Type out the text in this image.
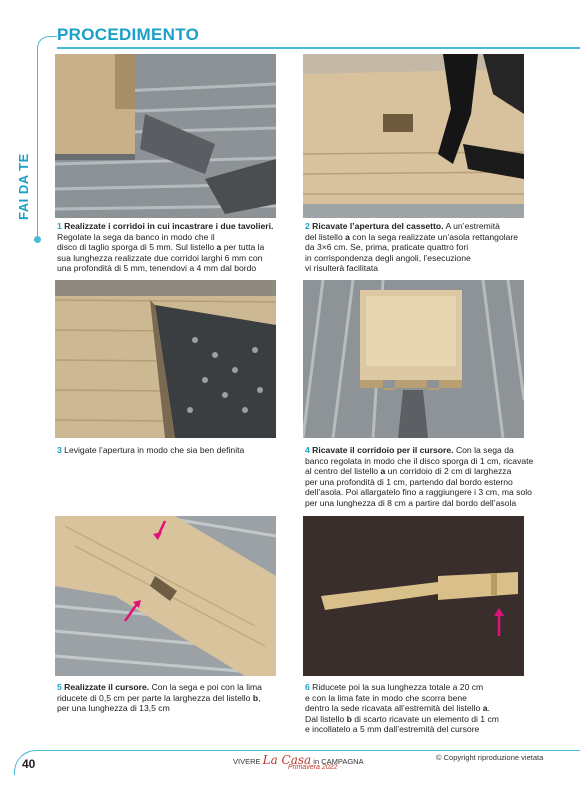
PROCEDIMENTO
FAI DA TE
1 Realizzate i corridoi in cui incastrare i due tavolieri. Regolate la sega da banco in modo che il
disco di taglio sporga di 5 mm. Sul listello a per tutta la
sua lunghezza realizzate due corridoi larghi 6 mm con
una profondità di 5 mm, tenendovi a 4 mm dal bordo
2 Ricavate l’apertura del cassetto. A un’estremità
del listello a con la sega realizzate un’asola rettangolare
da 3×6 cm. Se, prima, praticate quattro fori
in corrispondenza degli angoli, l’esecuzione
vi risulterà facilitata
3 Levigate l’apertura in modo che sia ben definita	4 Ricavate il corridoio per il cursore. Con la sega da
banco regolata in modo che il disco sporga di 1 cm, ricavate
al centro del listello a un corridoio di 2 cm di larghezza
per una profondità di 1 cm, partendo dal bordo esterno
dell’asola. Poi allargatelo fino a raggiungere i 3 cm, ma solo
per una lunghezza di 8 cm a partire dal bordo dell’asola
5 Realizzate il cursore. Con la sega e poi con la lima
riducete di 0,5 cm per parte la larghezza del listello b,
per una lunghezza di 13,5 cm
6 Riducete poi la sua lunghezza totale a 20 cm
e con la lima fate in modo che scorra bene
dentro la sede ricavata all’estremità del listello a.
Dal listello b di scarto ricavate un elemento di 1 cm
e incollatelo a 5 mm dall’estremità del cursore
40	VIVERE La Casa in CAMPAGNA
Primavera 2022
© Copyright riproduzione vietata
